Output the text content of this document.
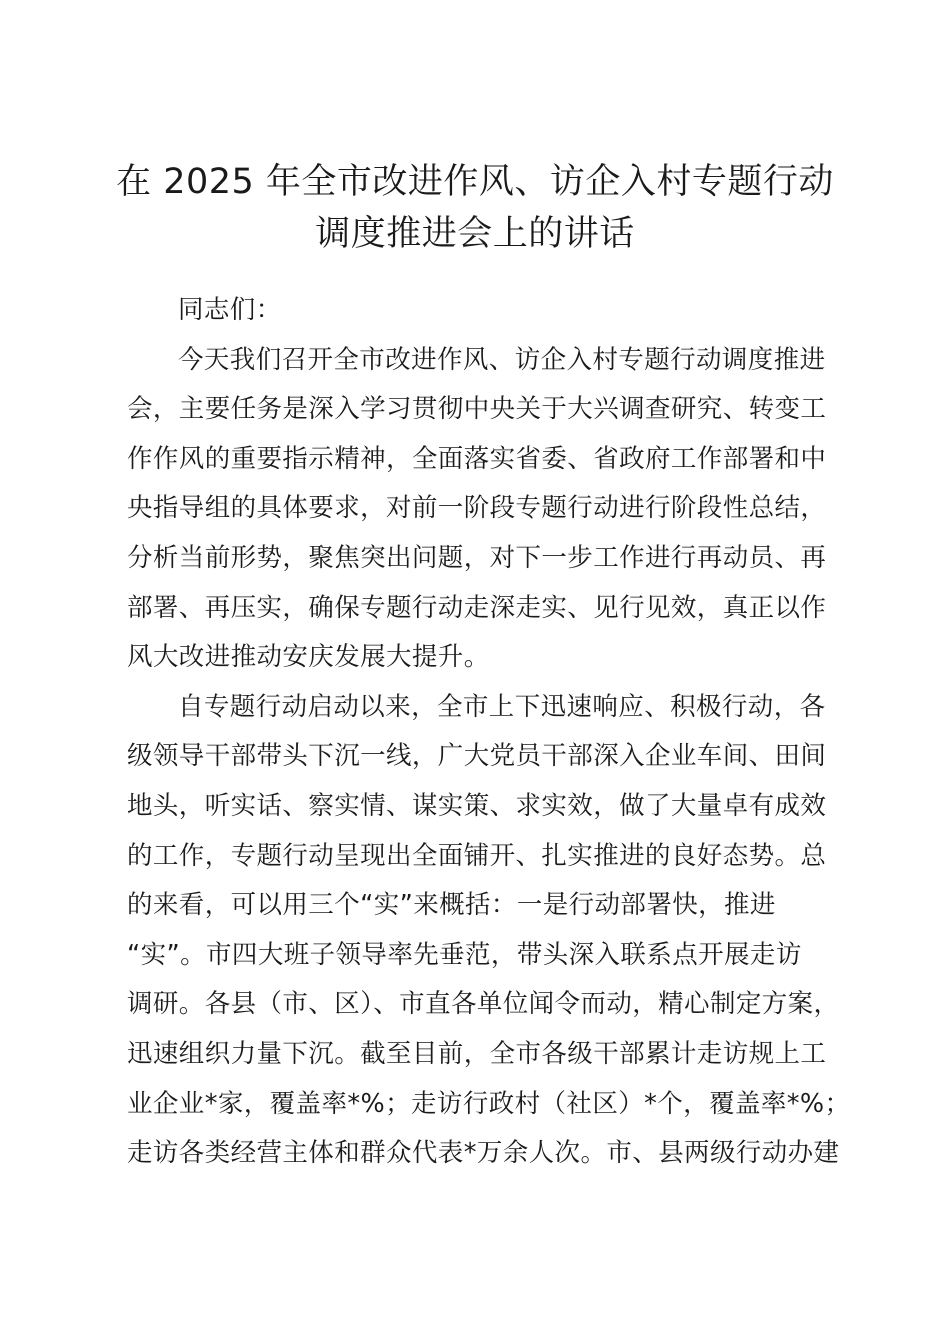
在 2025 年全市改进作风、访企入村专题行动
调度推进会上的讲话
同志们：
今天我们召开全市改进作风、访企入村专题行动调度推进
会，主要任务是深入学习贯彻中央关于大兴调查研究、转变工
作作风的重要指示精神，全面落实省委、省政府工作部署和中
央指导组的具体要求，对前一阶段专题行动进行阶段性总结，
分析当前形势，聚焦突出问题，对下一步工作进行再动员、再
部署、再压实，确保专题行动走深走实、见行见效，真正以作
风大改进推动安庆发展大提升。
自专题行动启动以来，全市上下迅速响应、积极行动，各
级领导干部带头下沉一线，广大党员干部深入企业车间、田间
地头，听实话、察实情、谋实策、求实效，做了大量卓有成效
的工作，专题行动呈现出全面铺开、扎实推进的良好态势。总
的来看，可以用三个“实”来概括：一是行动部署快，推进
“实”。市四大班子领导率先垂范，带头深入联系点开展走访
调研。各县（市、区）、市直各单位闻令而动，精心制定方案，
迅速组织力量下沉。截至目前，全市各级干部累计走访规上工
业企业*家，覆盖率*%；走访行政村（社区）*个，覆盖率*%；
走访各类经营主体和群众代表*万余人次。市、县两级行动办建
